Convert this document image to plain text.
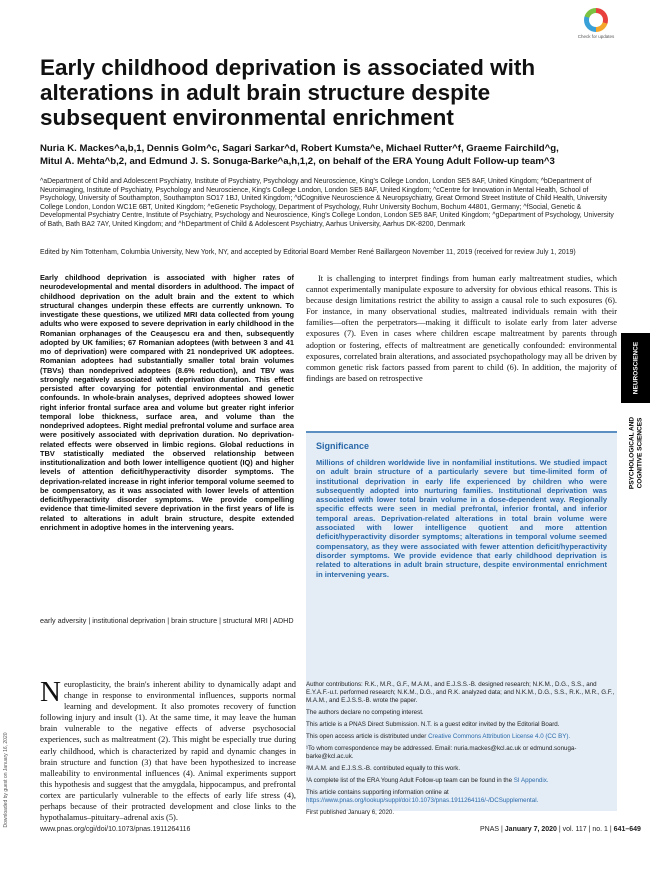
Check for updates
Early childhood deprivation is associated with alterations in adult brain structure despite subsequent environmental enrichment
Nuria K. Mackes^a,b,1, Dennis Golm^c, Sagari Sarkar^d, Robert Kumsta^e, Michael Rutter^f, Graeme Fairchild^g, Mitul A. Mehta^b,2, and Edmund J. S. Sonuga-Barke^a,h,1,2, on behalf of the ERA Young Adult Follow-up team^3
^aDepartment of Child and Adolescent Psychiatry, Institute of Psychiatry, Psychology and Neuroscience, King's College London, London SE5 8AF, United Kingdom; ^bDepartment of Neuroimaging, Institute of Psychiatry, Psychology and Neuroscience, King's College London, London SE5 8AF, United Kingdom; ^cCentre for Innovation in Mental Health, School of Psychology, University of Southampton, Southampton SO17 1BJ, United Kingdom; ^dCognitive Neuroscience & Neuropsychiatry, Great Ormond Street Institute of Child Health, University College London, London WC1E 6BT, United Kingdom; ^eGenetic Psychology, Department of Psychology, Ruhr University Bochum, Bochum 44801, Germany; ^fSocial, Genetic & Developmental Psychiatry Centre, Institute of Psychiatry, Psychology and Neuroscience, King's College London, London SE5 8AF, United Kingdom; ^gDepartment of Psychology, University of Bath, Bath BA2 7AY, United Kingdom; and ^hDepartment of Child & Adolescent Psychiatry, Aarhus University, Aarhus DK-8200, Denmark
Edited by Nim Tottenham, Columbia University, New York, NY, and accepted by Editorial Board Member René Baillargeon November 11, 2019 (received for review July 1, 2019)
Early childhood deprivation is associated with higher rates of neurodevelopmental and mental disorders in adulthood. The impact of childhood deprivation on the adult brain and the extent to which structural changes underpin these effects are currently unknown. To investigate these questions, we utilized MRI data collected from young adults who were exposed to severe deprivation in early childhood in the Romanian orphanages of the Ceaușescu era and then, subsequently adopted by UK families; 67 Romanian adoptees (with between 3 and 41 mo of deprivation) were compared with 21 nondeprived UK adoptees. Romanian adoptees had substantially smaller total brain volumes (TBVs) than nondeprived adoptees (8.6% reduction), and TBV was strongly negatively associated with deprivation duration. This effect persisted after covarying for potential environmental and genetic confounds. In whole-brain analyses, deprived adoptees showed lower right inferior frontal surface area and volume but greater right inferior temporal lobe thickness, surface area, and volume than the nondeprived adoptees. Right medial prefrontal volume and surface area were positively associated with deprivation duration. No deprivation-related effects were observed in limbic regions. Global reductions in TBV statistically mediated the observed relationship between institutionalization and both lower intelligence quotient (IQ) and higher levels of attention deficit/hyperactivity disorder symptoms. The deprivation-related increase in right inferior temporal volume seemed to be compensatory, as it was associated with lower levels of attention deficit/hyperactivity disorder symptoms. We provide compelling evidence that time-limited severe deprivation in the first years of life is related to alterations in adult brain structure, despite extended enrichment in adoptive homes in the intervening years.
early adversity | institutional deprivation | brain structure | structural MRI | ADHD
It is challenging to interpret findings from human early maltreatment studies, which cannot experimentally manipulate exposure to adversity for obvious ethical reasons. This is because design limitations restrict the ability to assign a causal role to such exposures (6). For instance, in many observational studies, maltreated individuals remain with their families—often the perpetrators—making it difficult to isolate early from later adverse exposures (7). Even in cases where children escape maltreatment by parents through adoption or fostering, effects of maltreatment are genetically confounded: environmental exposures, correlated brain alterations, and associated psychopathology may all be driven by common genetic risk factors passed from parent to child (6). In addition, the majority of findings are based on retrospective
Significance
Millions of children worldwide live in nonfamilial institutions. We studied impact on adult brain structure of a particularly severe but time-limited form of institutional deprivation in early life experienced by children who were subsequently adopted into nurturing families. Institutional deprivation was associated with lower total brain volume in a dose-dependent way. Regionally specific effects were seen in medial prefrontal, inferior frontal, and inferior temporal areas. Deprivation-related alterations in total brain volume were associated with lower intelligence quotient and more attention deficit/hyperactivity disorder symptoms; alterations in temporal volume seemed compensatory, as they were associated with fewer attention deficit/hyperactivity disorder symptoms. We provide evidence that early childhood deprivation is related to alterations in adult brain structure, despite environmental enrichment in intervening years.
Neuroplasticity, the brain's inherent ability to dynamically adapt and change in response to environmental influences, supports normal learning and development. It also promotes recovery of function following injury and insult (1). At the same time, it may leave the human brain vulnerable to the negative effects of adverse psychosocial experiences, such as maltreatment (2). This might be especially true during early childhood, which is characterized by rapid and dynamic changes in brain structure and function (3) that have been hypothesized to increase malleability to environmental influences (4). Animal experiments support this hypothesis and suggest that the amygdala, hippocampus, and prefrontal cortex are particularly vulnerable to the effects of early life stress (4), perhaps because of their protracted development and close links to the hypothalamus–pituitary–adrenal axis (5).

Author contributions: R.K., M.R., G.F., M.A.M., and E.J.S.S.-B. designed research; N.K.M., D.G., S.S., and E.Y.A.F.-u.t. performed research; N.K.M., D.G., and R.K. analyzed data; and N.K.M., D.G., S.S., R.K., M.R., G.F., M.A.M., and E.J.S.S.-B. wrote the paper.

The authors declare no competing interest.

This article is a PNAS Direct Submission. N.T. is a guest editor invited by the Editorial Board.

This open access article is distributed under Creative Commons Attribution License 4.0 (CC BY).

¹To whom correspondence may be addressed. Email: nuria.mackes@kcl.ac.uk or edmund.sonuga-barke@kcl.ac.uk.

²M.A.M. and E.J.S.S.-B. contributed equally to this work.

³A complete list of the ERA Young Adult Follow-up team can be found in the SI Appendix.

This article contains supporting information online at https://www.pnas.org/lookup/suppl/doi:10.1073/pnas.1911264116/-/DCSupplemental.

First published January 6, 2020.

www.pnas.org/cgi/doi/10.1073/pnas.1911264116	PNAS | January 7, 2020 | vol. 117 | no. 1 | 641–649
NEUROSCIENCE
PSYCHOLOGICAL AND COGNITIVE SCIENCES
Downloaded by guest on January 16, 2020
